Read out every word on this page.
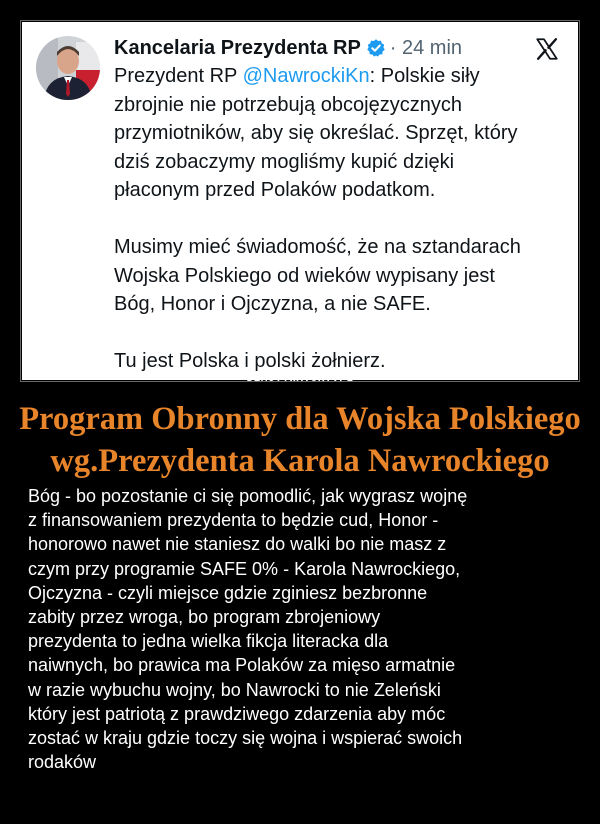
Kancelaria Prezydenta RP · 24 min

Prezydent RP @NawrockiKn: Polskie siły
zbrojnie nie potrzebują obcojęzycznych
przymiotników, aby się określać. Sprzęt, który
dziś zobaczymy mogliśmy kupić dzięki
płaconym przed Polaków podatkom.

Musimy mieć świadomość, że na sztandarach
Wojska Polskiego od wieków wypisany jest
Bóg, Honor i Ojczyzna, a nie SAFE.

Tu jest Polska i polski żołnierz.

DEMOTYWATORY.PL
Program Obronny dla Wojska Polskiego
wg.Prezydenta Karola Nawrockiego
Bóg - bo pozostanie ci się pomodlić, jak wygrasz wojnę
z finansowaniem prezydenta to będzie cud, Honor -
honorowo nawet nie staniesz do walki bo nie masz z
czym przy programie SAFE 0% - Karola Nawrockiego,
Ojczyzna - czyli miejsce gdzie zginiesz bezbronne
zabity przez wroga, bo program zbrojeniowy
prezydenta to jedna wielka fikcja literacka dla
naiwnych, bo prawica ma Polaków za mięso armatnie
w razie wybuchu wojny, bo Nawrocki to nie Zeleński
który jest patriotą z prawdziwego zdarzenia aby móc
zostać w kraju gdzie toczy się wojna i wspierać swoich
rodaków
